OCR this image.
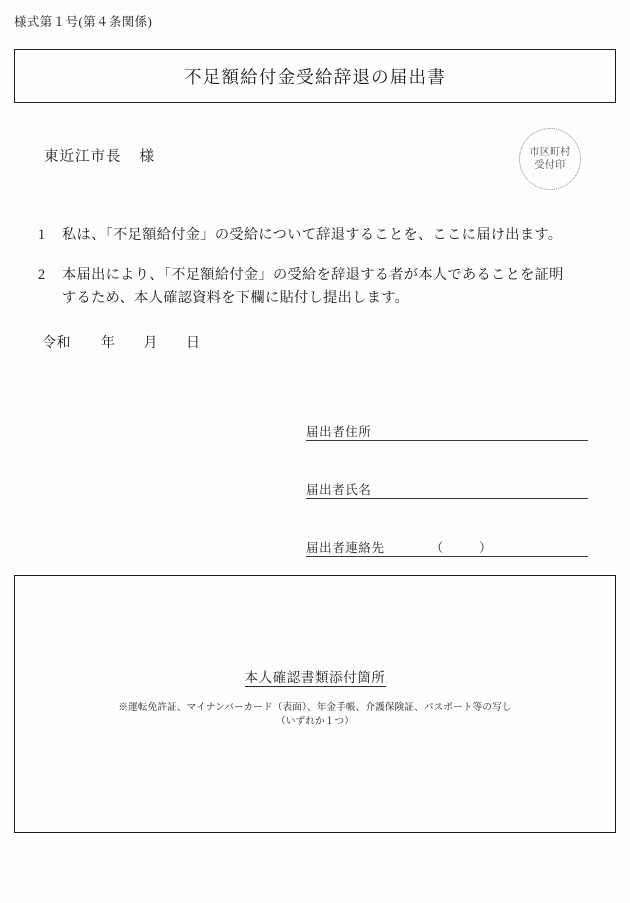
様式第１号(第４条関係)
不足額給付金受給辞退の届出書
東近江市長 様	市区町村
受付印
1	私は、「不足額給付金」の受給について辞退することを、ここに届け出ます。
2	本届出により、「不足額給付金」の受給を辞退する者が本人であることを証明
するため、本人確認資料を下欄に貼付し提出します。
令和 年 月 日
届出者住所
届出者氏名
届出者連絡先	（	）
本人確認書類添付箇所
※運転免許証、マイナンバーカード（表面）、年金手帳、介護保険証、パスポート等の写し
（いずれか１つ）
